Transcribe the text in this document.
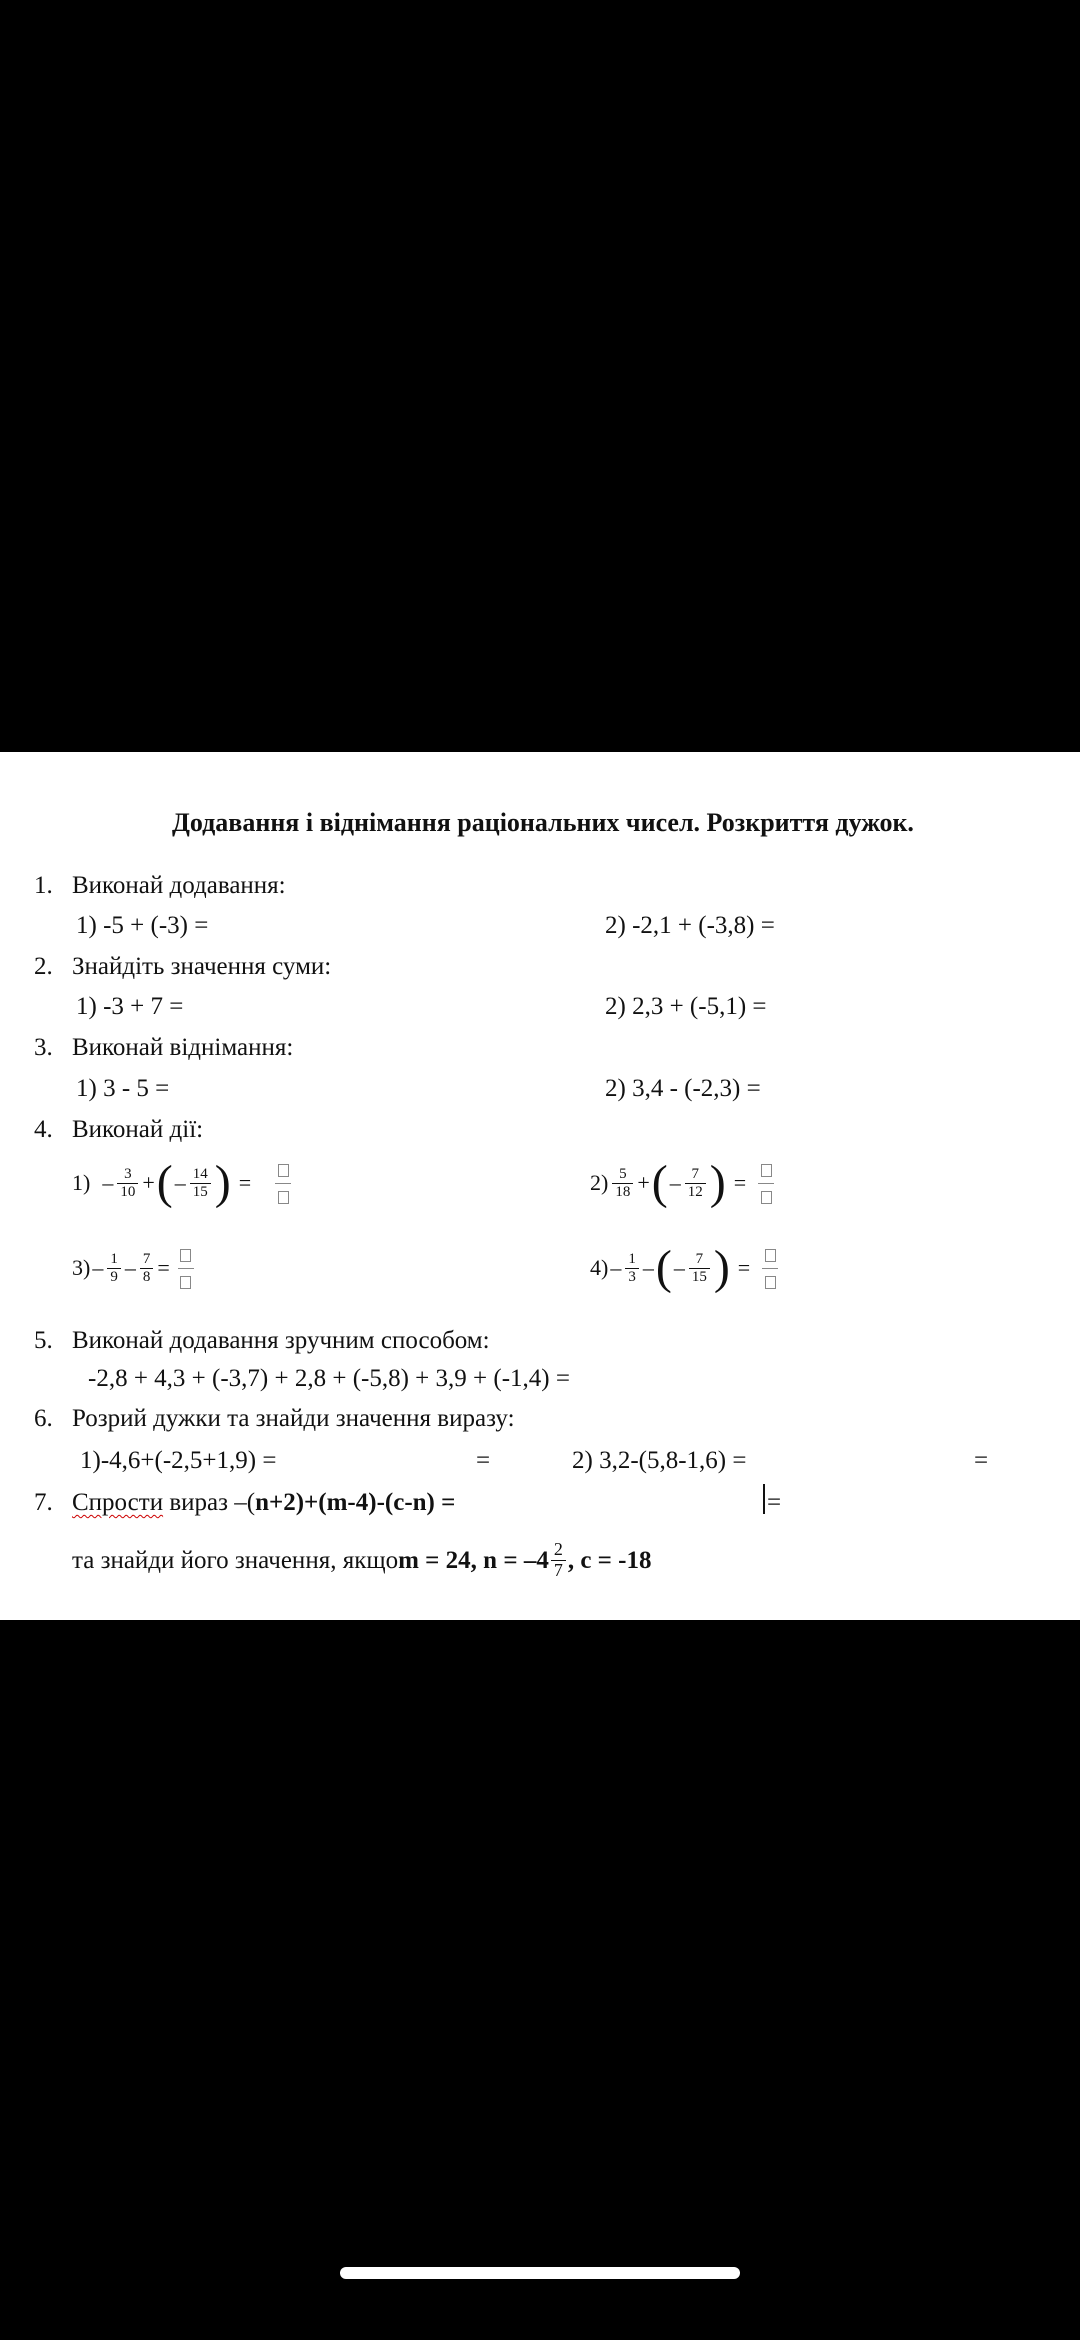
Додавання і віднімання раціональних чисел. Розкриття дужок.
1. Виконай додавання:
1) -5 + (-3) =	2) -2,1 + (-3,8) =
2. Знайдіть значення суми:
1) -3 + 7 =	2) 2,3 + (-5,1) =
3. Виконай віднімання:
1) 3 - 5 =	2) 3,4 - (-2,3) =
4. Виконай дії:
$1) - \frac{3}{10}$ + ( – $\frac{14}{15}$ ) =	$2) \frac{5}{18}$ + ( – $\frac{7}{12}$ ) =
$3) - \frac{1}{9} - \frac{7}{8}$ =	$4) - \frac{1}{3}$ – ( – $\frac{7}{15}$ ) =
5. Виконай додавання зручним способом:
-2,8 + 4,3 + (-3,7) + 2,8 + (-5,8) + 3,9 + (-1,4) =
6. Розрий дужки та знайди значення виразу:
1)-4,6+(-2,5+1,9) =	=	2) 3,2-(5,8-1,6) =	=
7. Спрости вираз –(n+2)+(m-4)-(c-n) =	=
та знайди його значення, якщо m = 24, $n = -4 \frac{2}{7}$ , c = -18
